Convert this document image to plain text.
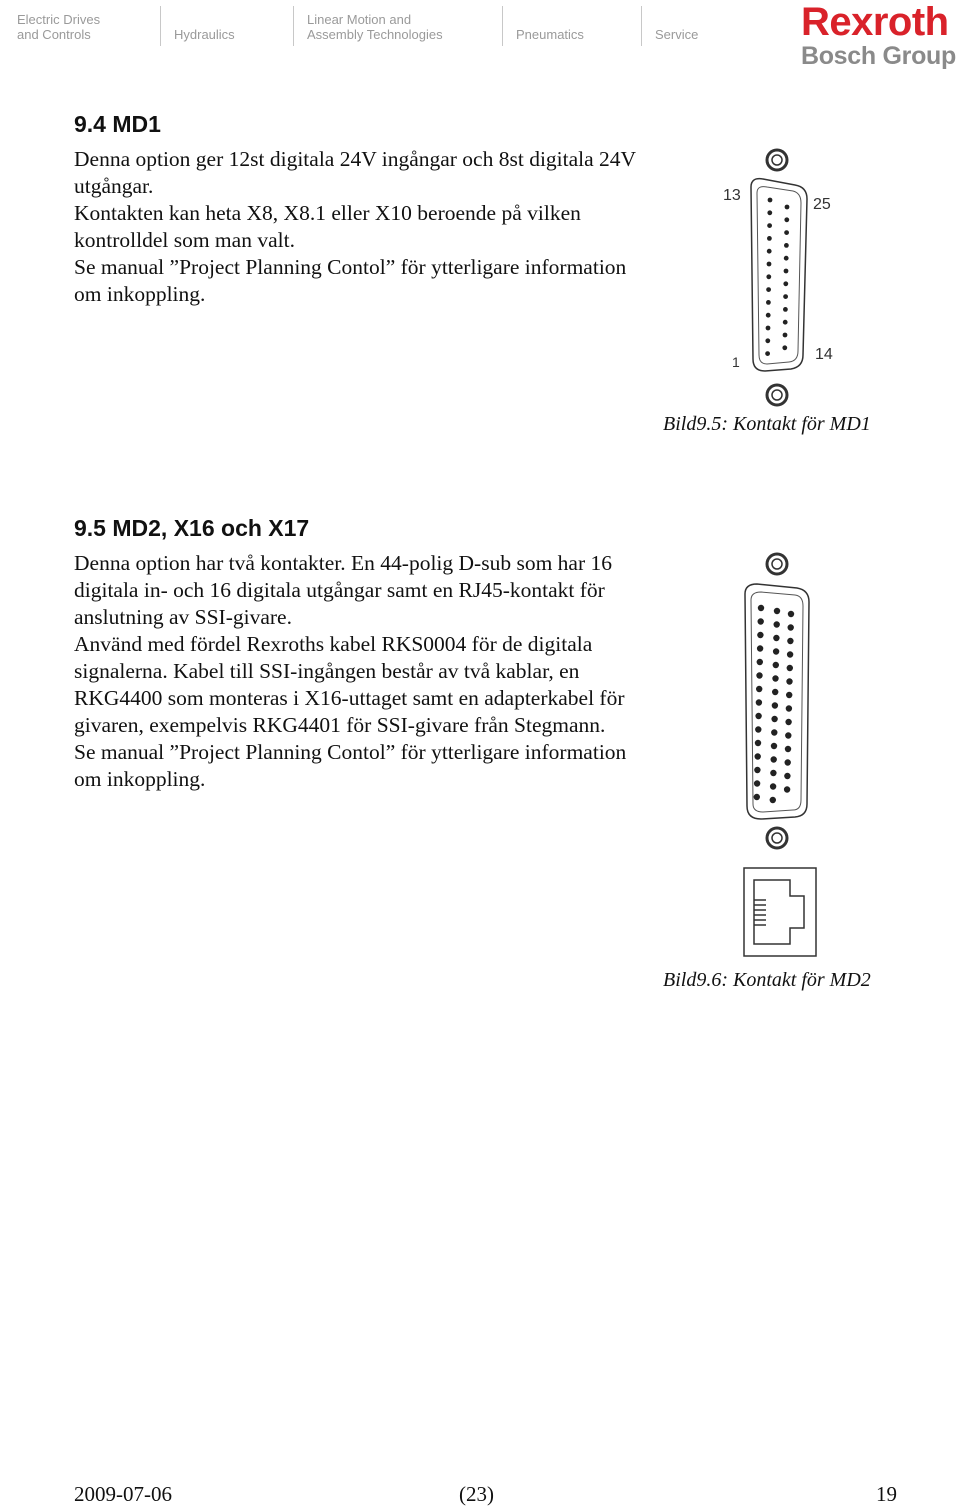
Electric Drives
and Controls	Hydraulics
Linear Motion and
Assembly Technologies	Pneumatics	Service	Rexroth
Bosch Group
9.4 MD1

Denna option ger 12st digitala 24V ingångar och 8st digitala 24V utgångar.

Kontakten kan heta X8, X8.1 eller X10 beroende på vilken kontrolldel som man valt.

Se manual ”Project Planning Contol” för ytterligare information om inkoppling.

13
25
1	14
Bild9.5: Kontakt för MD1
9.5 MD2, X16 och X17

Denna option har två kontakter. En 44-polig D-sub som har 16 digitala in- och 16 digitala utgångar samt en RJ45-kontakt för anslutning av SSI-givare.

Använd med fördel Rexroths kabel RKS0004 för de digitala signalerna. Kabel till SSI-ingången består av två kablar, en RKG4400 som monteras i X16-uttaget samt en adapterkabel för givaren, exempelvis RKG4401 för SSI-givare från Stegmann.

Se manual ”Project Planning Contol” för ytterligare information om inkoppling.

Bild9.6: Kontakt för MD2
2009-07-06	(23)	19
